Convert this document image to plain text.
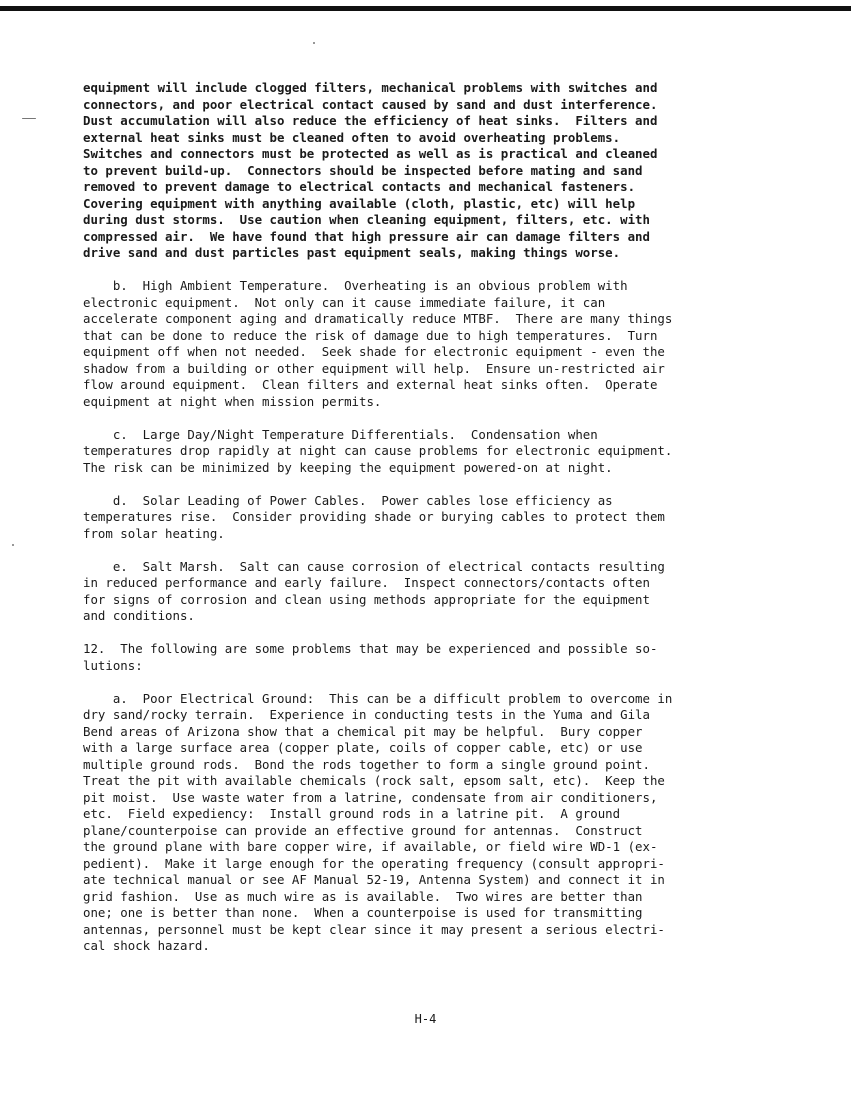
equipment will include clogged filters, mechanical problems with switches and
connectors, and poor electrical contact caused by sand and dust interference.
Dust accumulation will also reduce the efficiency of heat sinks.  Filters and
external heat sinks must be cleaned often to avoid overheating problems.
Switches and connectors must be protected as well as is practical and cleaned
to prevent build-up.  Connectors should be inspected before mating and sand
removed to prevent damage to electrical contacts and mechanical fasteners.
Covering equipment with anything available (cloth, plastic, etc) will help
during dust storms.  Use caution when cleaning equipment, filters, etc. with
compressed air.  We have found that high pressure air can damage filters and
drive sand and dust particles past equipment seals, making things worse.
b.  High Ambient Temperature.  Overheating is an obvious problem with
electronic equipment.  Not only can it cause immediate failure, it can
accelerate component aging and dramatically reduce MTBF.  There are many things
that can be done to reduce the risk of damage due to high temperatures.  Turn
equipment off when not needed.  Seek shade for electronic equipment - even the
shadow from a building or other equipment will help.  Ensure un-restricted air
flow around equipment.  Clean filters and external heat sinks often.  Operate
equipment at night when mission permits.
c.  Large Day/Night Temperature Differentials.  Condensation when
temperatures drop rapidly at night can cause problems for electronic equipment.
The risk can be minimized by keeping the equipment powered-on at night.
d.  Solar Leading of Power Cables.  Power cables lose efficiency as
temperatures rise.  Consider providing shade or burying cables to protect them
from solar heating.
e.  Salt Marsh.  Salt can cause corrosion of electrical contacts resulting
in reduced performance and early failure.  Inspect connectors/contacts often
for signs of corrosion and clean using methods appropriate for the equipment
and conditions.
12.  The following are some problems that may be experienced and possible so-
lutions:
a.  Poor Electrical Ground:  This can be a difficult problem to overcome in
dry sand/rocky terrain.  Experience in conducting tests in the Yuma and Gila
Bend areas of Arizona show that a chemical pit may be helpful.  Bury copper
with a large surface area (copper plate, coils of copper cable, etc) or use
multiple ground rods.  Bond the rods together to form a single ground point.
Treat the pit with available chemicals (rock salt, epsom salt, etc).  Keep the
pit moist.  Use waste water from a latrine, condensate from air conditioners,
etc.  Field expediency:  Install ground rods in a latrine pit.  A ground
plane/counterpoise can provide an effective ground for antennas.  Construct
the ground plane with bare copper wire, if available, or field wire WD-1 (ex-
pedient).  Make it large enough for the operating frequency (consult appropri-
ate technical manual or see AF Manual 52-19, Antenna System) and connect it in
grid fashion.  Use as much wire as is available.  Two wires are better than
one; one is better than none.  When a counterpoise is used for transmitting
antennas, personnel must be kept clear since it may present a serious electri-
cal shock hazard.
H-4
